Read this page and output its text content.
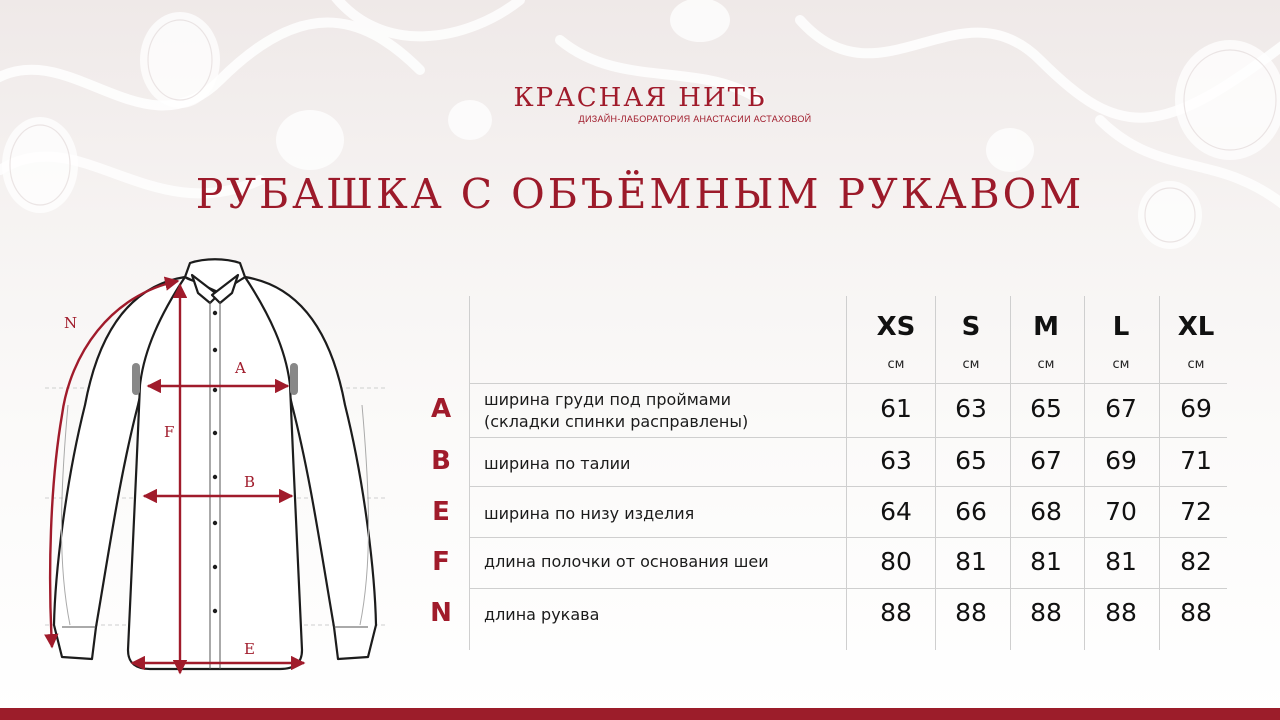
КРАСНАЯ НИТЬ
ДИЗАЙН-ЛАБОРАТОРИЯ АНАСТАСИИ АСТАХОВОЙ
РУБАШКА С ОБЪЁМНЫМ РУКАВОМ
A
B
E
F
N	XS	S	M	L	XL
см	см	см	см	см
A	ширина груди под проймами
(складки спинки расправлены)	61	63	65	67	69
B	ширина по талии	63	65	67	69	71
E	ширина по низу изделия	64	66	68	70	72
F	длина полочки от основания шеи	80	81	81	81	82
N	длина рукава	88	88	88	88	88
